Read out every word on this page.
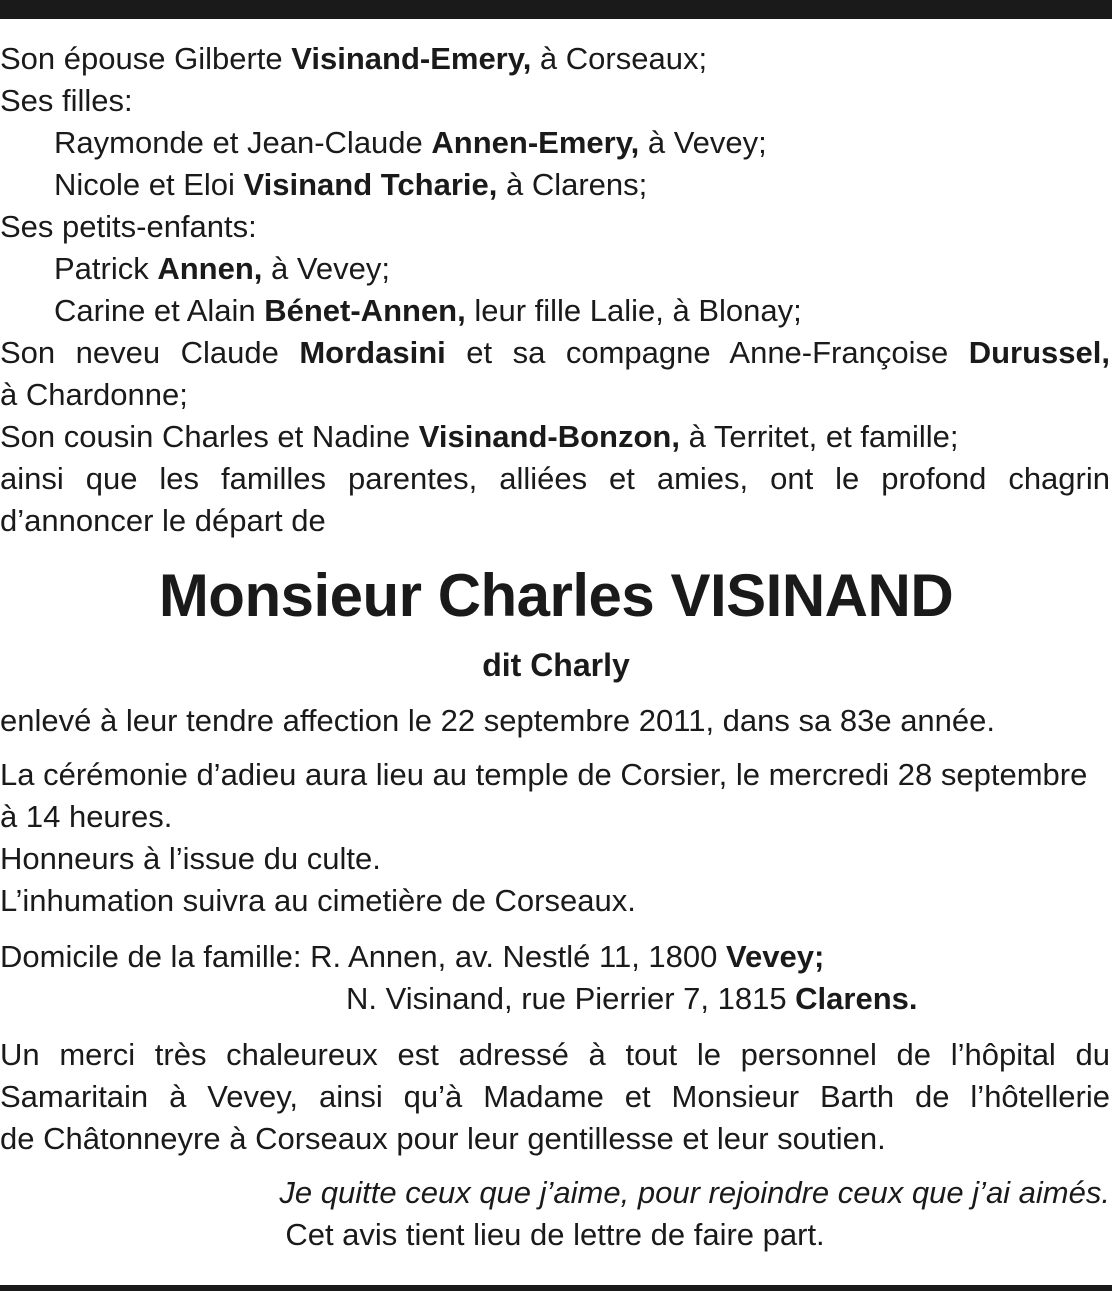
Son épouse Gilberte Visinand-Emery, à Corseaux;
Ses filles:
Raymonde et Jean-Claude Annen-Emery, à Vevey;
Nicole et Eloi Visinand Tcharie, à Clarens;
Ses petits-enfants:
Patrick Annen, à Vevey;
Carine et Alain Bénet-Annen, leur fille Lalie, à Blonay;
Son neveu Claude Mordasini et sa compagne Anne-Françoise Durussel,
à Chardonne;
Son cousin Charles et Nadine Visinand-Bonzon, à Territet, et famille;
ainsi que les familles parentes, alliées et amies, ont le profond chagrin
d’annoncer le départ de
Monsieur Charles VISINAND
dit Charly
enlevé à leur tendre affection le 22 septembre 2011, dans sa 83e année.
La cérémonie d’adieu aura lieu au temple de Corsier, le mercredi 28 septembre
à 14 heures.
Honneurs à l’issue du culte.
L’inhumation suivra au cimetière de Corseaux.
Domicile de la famille: R. Annen, av. Nestlé 11, 1800 Vevey;
N. Visinand, rue Pierrier 7, 1815 Clarens.
Un merci très chaleureux est adressé à tout le personnel de l’hôpital du
Samaritain à Vevey, ainsi qu’à Madame et Monsieur Barth de l’hôtellerie
de Châtonneyre à Corseaux pour leur gentillesse et leur soutien.
Je quitte ceux que j’aime, pour rejoindre ceux que j’ai aimés.
Cet avis tient lieu de lettre de faire part.
